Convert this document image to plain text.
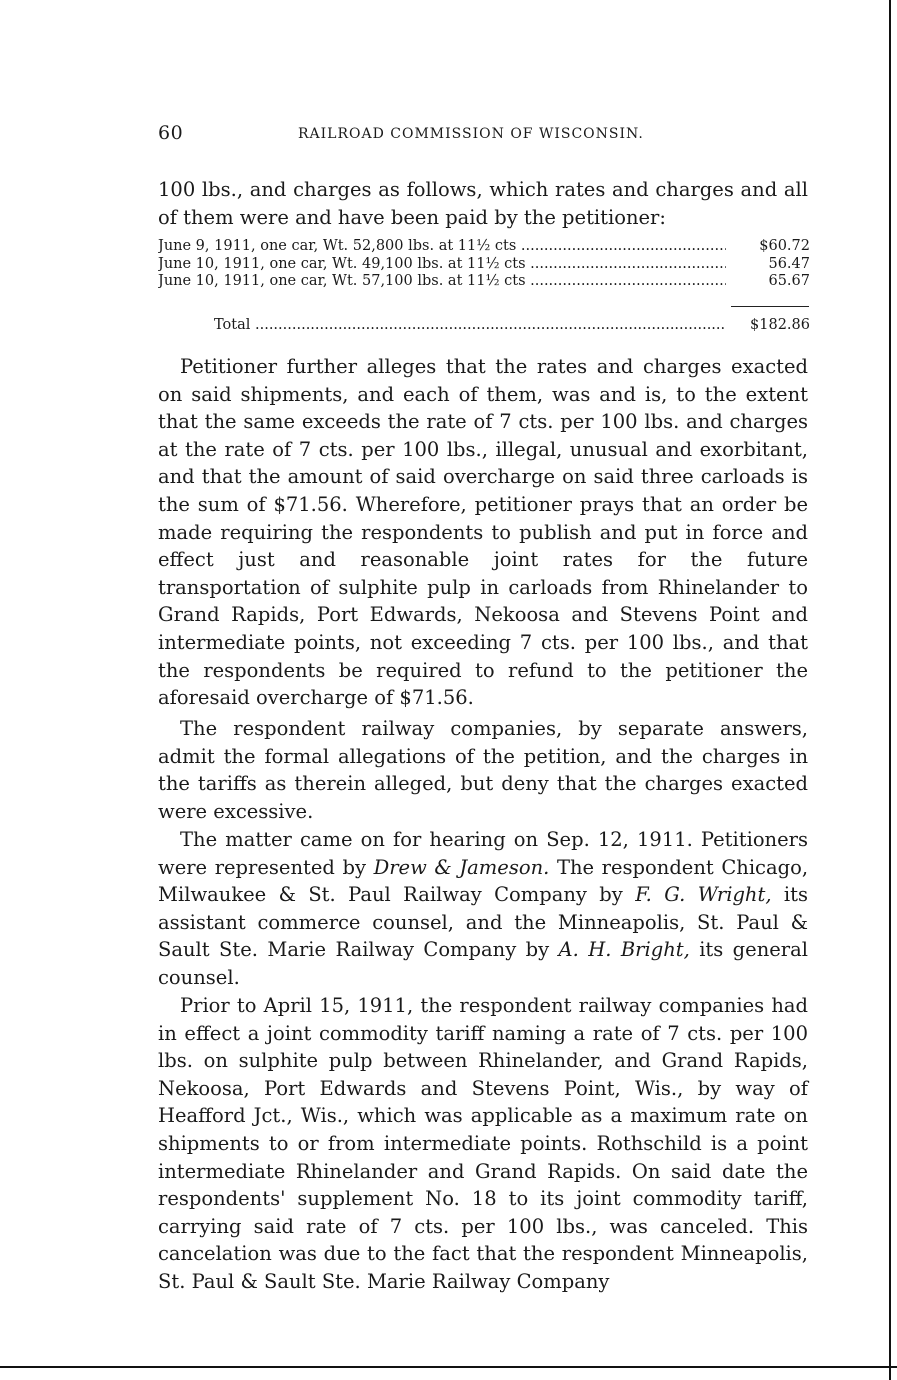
60	RAILROAD COMMISSION OF WISCONSIN.

100 lbs., and charges as follows, which rates and charges and all of them were and have been paid by the petitioner:

June 9, 1911, one car, Wt. 52,800 lbs. at 11½ cts .....	$60.72
June 10, 1911, one car, Wt. 49,100 lbs. at 11½ cts .....	56.47
June 10, 1911, one car, Wt. 57,100 lbs. at 11½ cts .....	65.67
Total .....	$182.86

Petitioner further alleges that the rates and charges exacted on said shipments, and each of them, was and is, to the extent that the same exceeds the rate of 7 cts. per 100 lbs. and charges at the rate of 7 cts. per 100 lbs., illegal, unusual and exorbitant, and that the amount of said overcharge on said three carloads is the sum of $71.56. Wherefore, petitioner prays that an order be made requiring the respondents to publish and put in force and effect just and reasonable joint rates for the future transportation of sulphite pulp in carloads from Rhinelander to Grand Rapids, Port Edwards, Nekoosa and Stevens Point and intermediate points, not exceeding 7 cts. per 100 lbs., and that the respondents be required to refund to the petitioner the aforesaid overcharge of $71.56.

The respondent railway companies, by separate answers, admit the formal allegations of the petition, and the charges in the tariffs as therein alleged, but deny that the charges exacted were excessive.

The matter came on for hearing on Sep. 12, 1911. Petitioners were represented by Drew & Jameson. The respondent Chicago, Milwaukee & St. Paul Railway Company by F. G. Wright, its assistant commerce counsel, and the Minneapolis, St. Paul & Sault Ste. Marie Railway Company by A. H. Bright, its general counsel.

Prior to April 15, 1911, the respondent railway companies had in effect a joint commodity tariff naming a rate of 7 cts. per 100 lbs. on sulphite pulp between Rhinelander, and Grand Rapids, Nekoosa, Port Edwards and Stevens Point, Wis., by way of Heafford Jct., Wis., which was applicable as a maximum rate on shipments to or from intermediate points. Rothschild is a point intermediate Rhinelander and Grand Rapids. On said date the respondents' supplement No. 18 to its joint commodity tariff, carrying said rate of 7 cts. per 100 lbs., was canceled. This cancelation was due to the fact that the respondent Minneapolis, St. Paul & Sault Ste. Marie Railway Company
